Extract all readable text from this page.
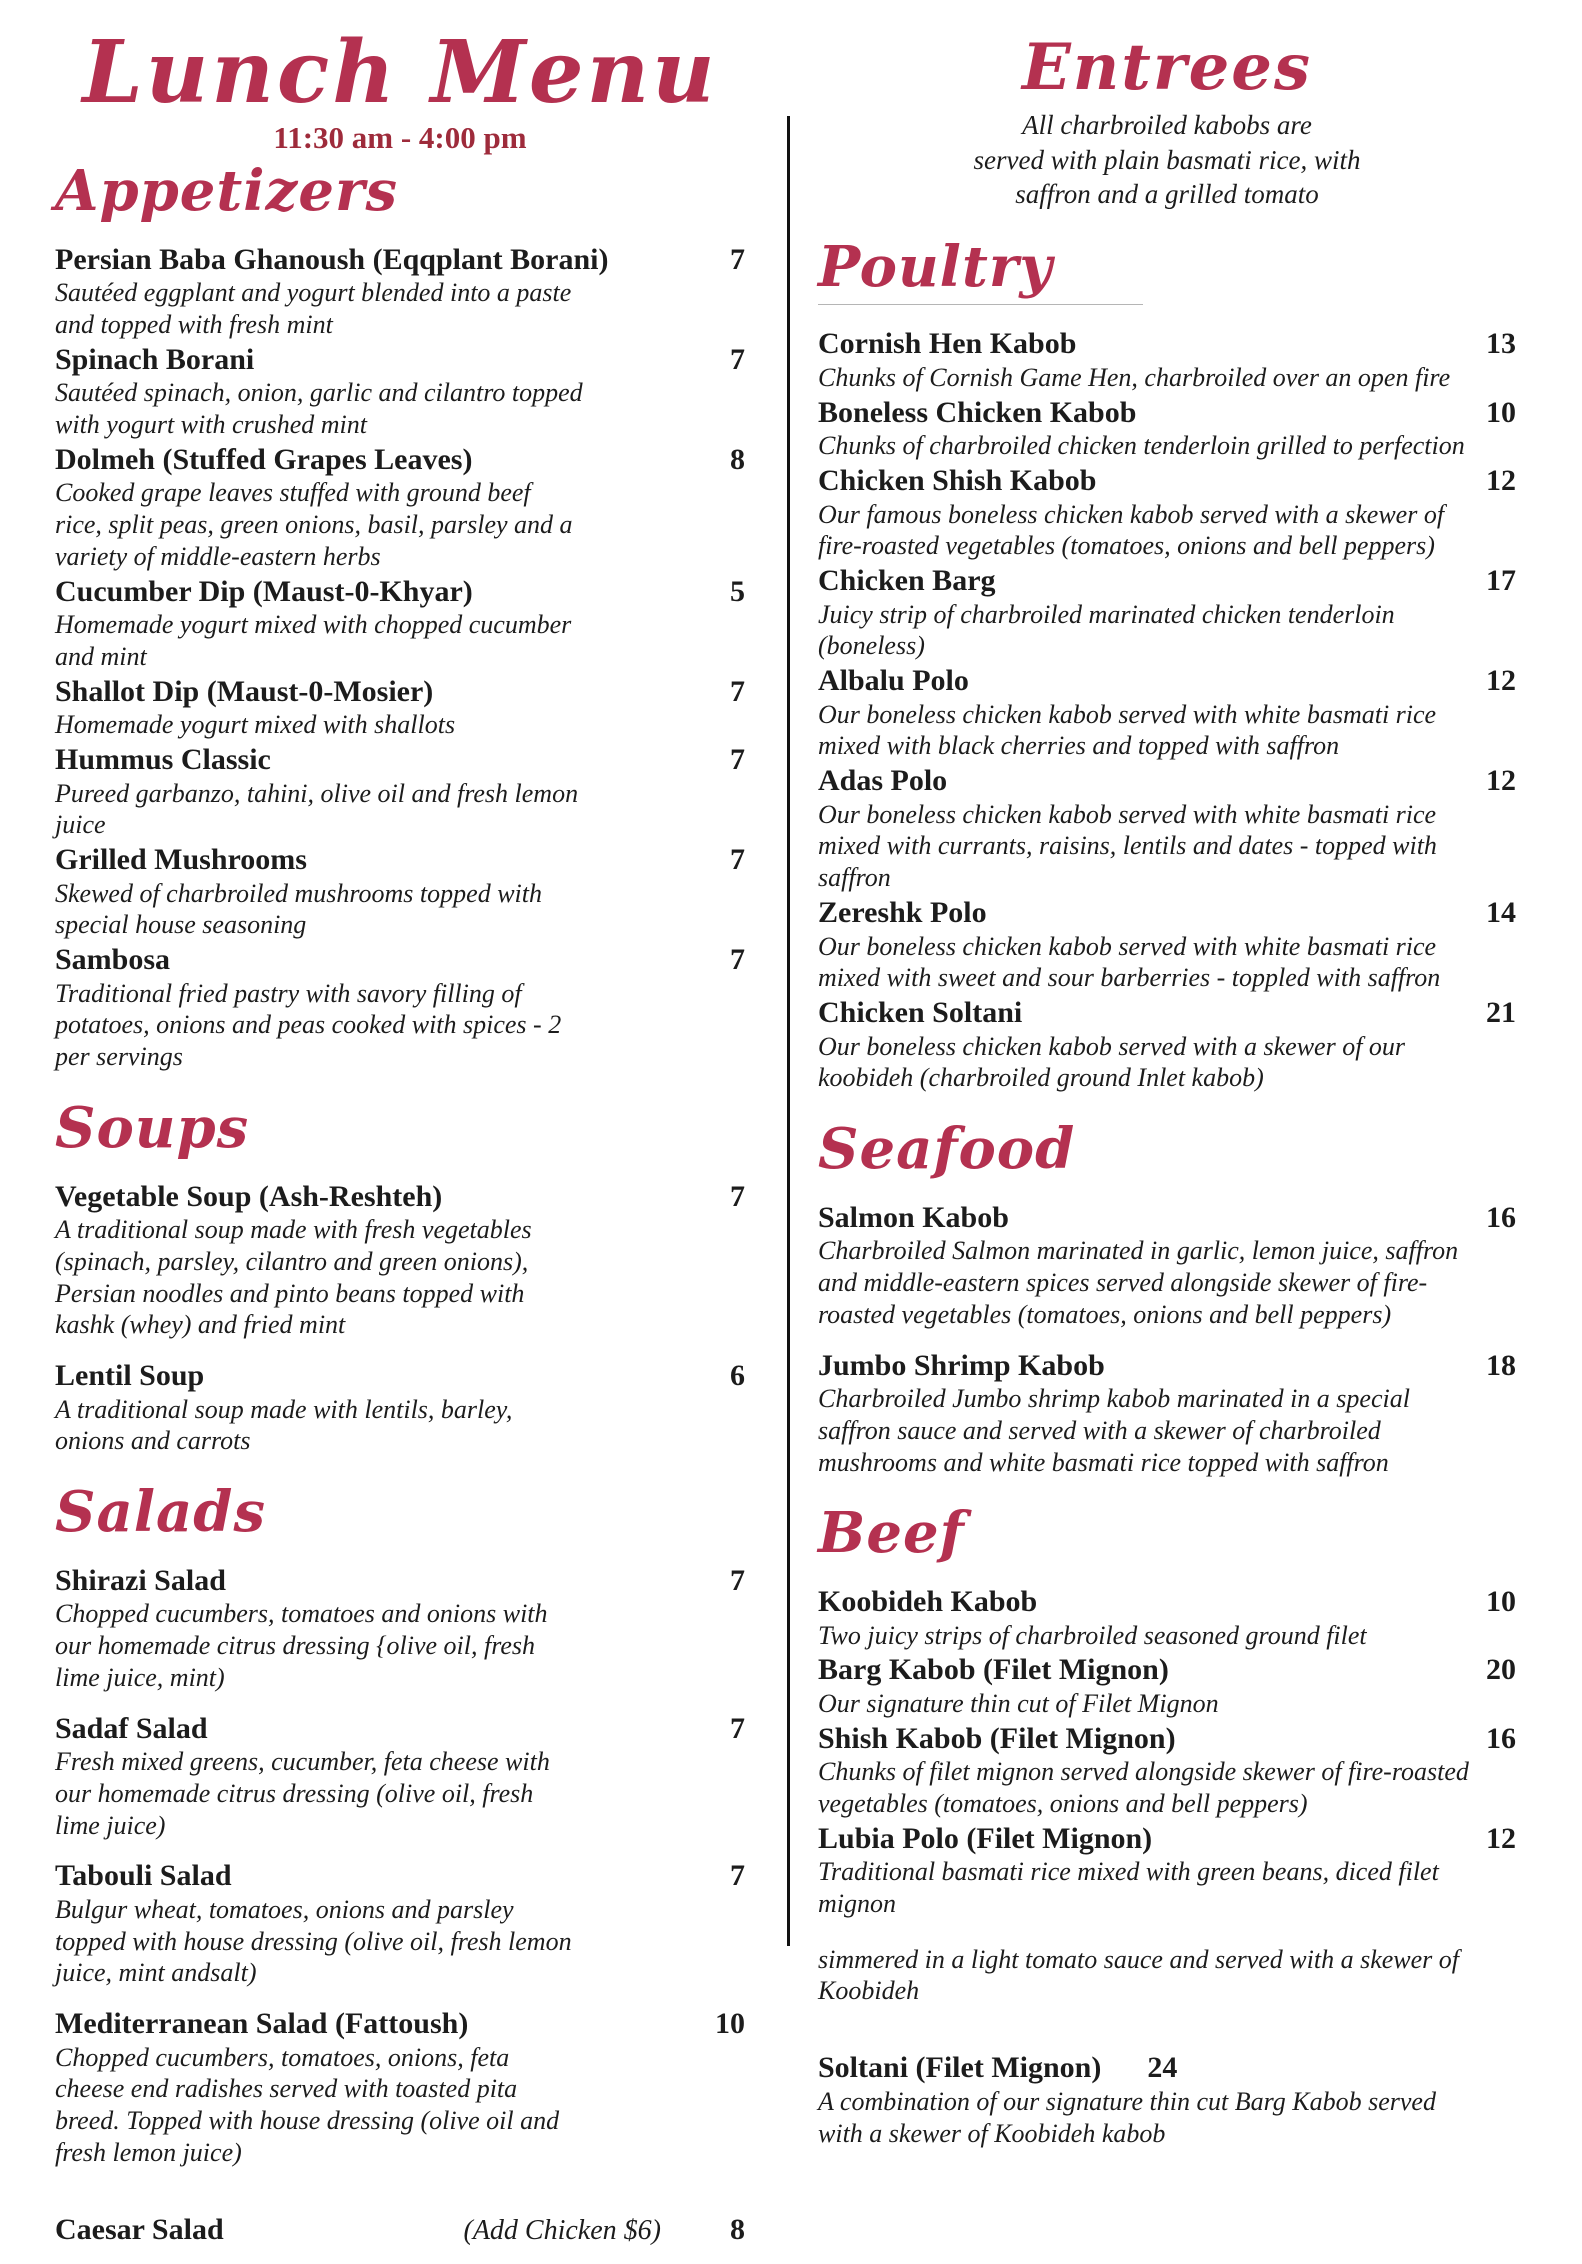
Lunch Menu
11:30 am - 4:00 pm
Appetizers
Persian Baba Ghanoush (Eqqplant Borani)	7

Sautéed eggplant and yogurt blended into a paste and topped with fresh mint

Spinach Borani	7

Sautéed spinach, onion, garlic and cilantro topped with yogurt with crushed mint

Dolmeh (Stuffed Grapes Leaves)	8

Cooked grape leaves stuffed with ground beef rice, split peas, green onions, basil, parsley and a variety of middle-eastern herbs

Cucumber Dip (Maust-0-Khyar)	5

Homemade yogurt mixed with chopped cucumber and mint

Shallot Dip (Maust-0-Mosier)	7

Homemade yogurt mixed with shallots

Hummus Classic	7

Pureed garbanzo, tahini, olive oil and fresh lemon juice

Grilled Mushrooms	7

Skewed of charbroiled mushrooms topped with special house seasoning

Sambosa	7

Traditional fried pastry with savory filling of potatoes, onions and peas cooked with spices - 2 per servings

Soups
Vegetable Soup (Ash-Reshteh)	7

A traditional soup made with fresh vegetables (spinach, parsley, cilantro and green onions), Persian noodles and pinto beans topped with kashk (whey) and fried mint

Lentil Soup	6

A traditional soup made with lentils, barley, onions and carrots

Salads
Shirazi Salad	7

Chopped cucumbers, tomatoes and onions with our homemade citrus dressing {olive oil, fresh lime juice, mint)

Sadaf Salad	7

Fresh mixed greens, cucumber, feta cheese with our homemade citrus dressing (olive oil, fresh lime juice)

Tabouli Salad	7

Bulgur wheat, tomatoes, onions and parsley topped with house dressing (olive oil, fresh lemon juice, mint andsalt)

Mediterranean Salad (Fattoush)	10

Chopped cucumbers, tomatoes, onions, feta cheese end radishes served with toasted pita breed. Topped with house dressing (olive oil and fresh lemon juice)

Caesar Salad	(Add Chicken $6)	8
Entrees
All charbroiled kabobs are
served with plain basmati rice, with
saffron and a grilled tomato
Poultry
Cornish Hen Kabob	13

Chunks of Cornish Game Hen, charbroiled over an open fire

Boneless Chicken Kabob	10

Chunks of charbroiled chicken tenderloin grilled to perfection

Chicken Shish Kabob	12

Our famous boneless chicken kabob served with a skewer of fire-roasted vegetables (tomatoes, onions and bell peppers)

Chicken Barg	17

Juicy strip of charbroiled marinated chicken tenderloin (boneless)

Albalu Polo	12

Our boneless chicken kabob served with white basmati rice mixed with black cherries and topped with saffron

Adas Polo	12

Our boneless chicken kabob served with white basmati rice mixed with currants, raisins, lentils and dates - topped with saffron

Zereshk Polo	14

Our boneless chicken kabob served with white basmati rice mixed with sweet and sour barberries - toppled with saffron

Chicken Soltani	21

Our boneless chicken kabob served with a skewer of our koobideh (charbroiled ground Inlet kabob)

Seafood
Salmon Kabob	16

Charbroiled Salmon marinated in garlic, lemon juice, saffron and middle-eastern spices served alongside skewer of fire-roasted vegetables (tomatoes, onions and bell peppers)

Jumbo Shrimp Kabob	18

Charbroiled Jumbo shrimp kabob marinated in a special saffron sauce and served with a skewer of charbroiled mushrooms and white basmati rice topped with saffron

Beef
Koobideh Kabob	10

Two juicy strips of charbroiled seasoned ground filet

Barg Kabob (Filet Mignon)	20

Our signature thin cut of Filet Mignon

Shish Kabob (Filet Mignon)	16

Chunks of filet mignon served alongside skewer of fire-roasted vegetables (tomatoes, onions and bell peppers)

Lubia Polo (Filet Mignon)	12

Traditional basmati rice mixed with green beans, diced filet mignon

simmered in a light tomato sauce and served with a skewer of Koobideh

Soltani (Filet Mignon) 24

A combination of our signature thin cut Barg Kabob served with a skewer of Koobideh kabob
